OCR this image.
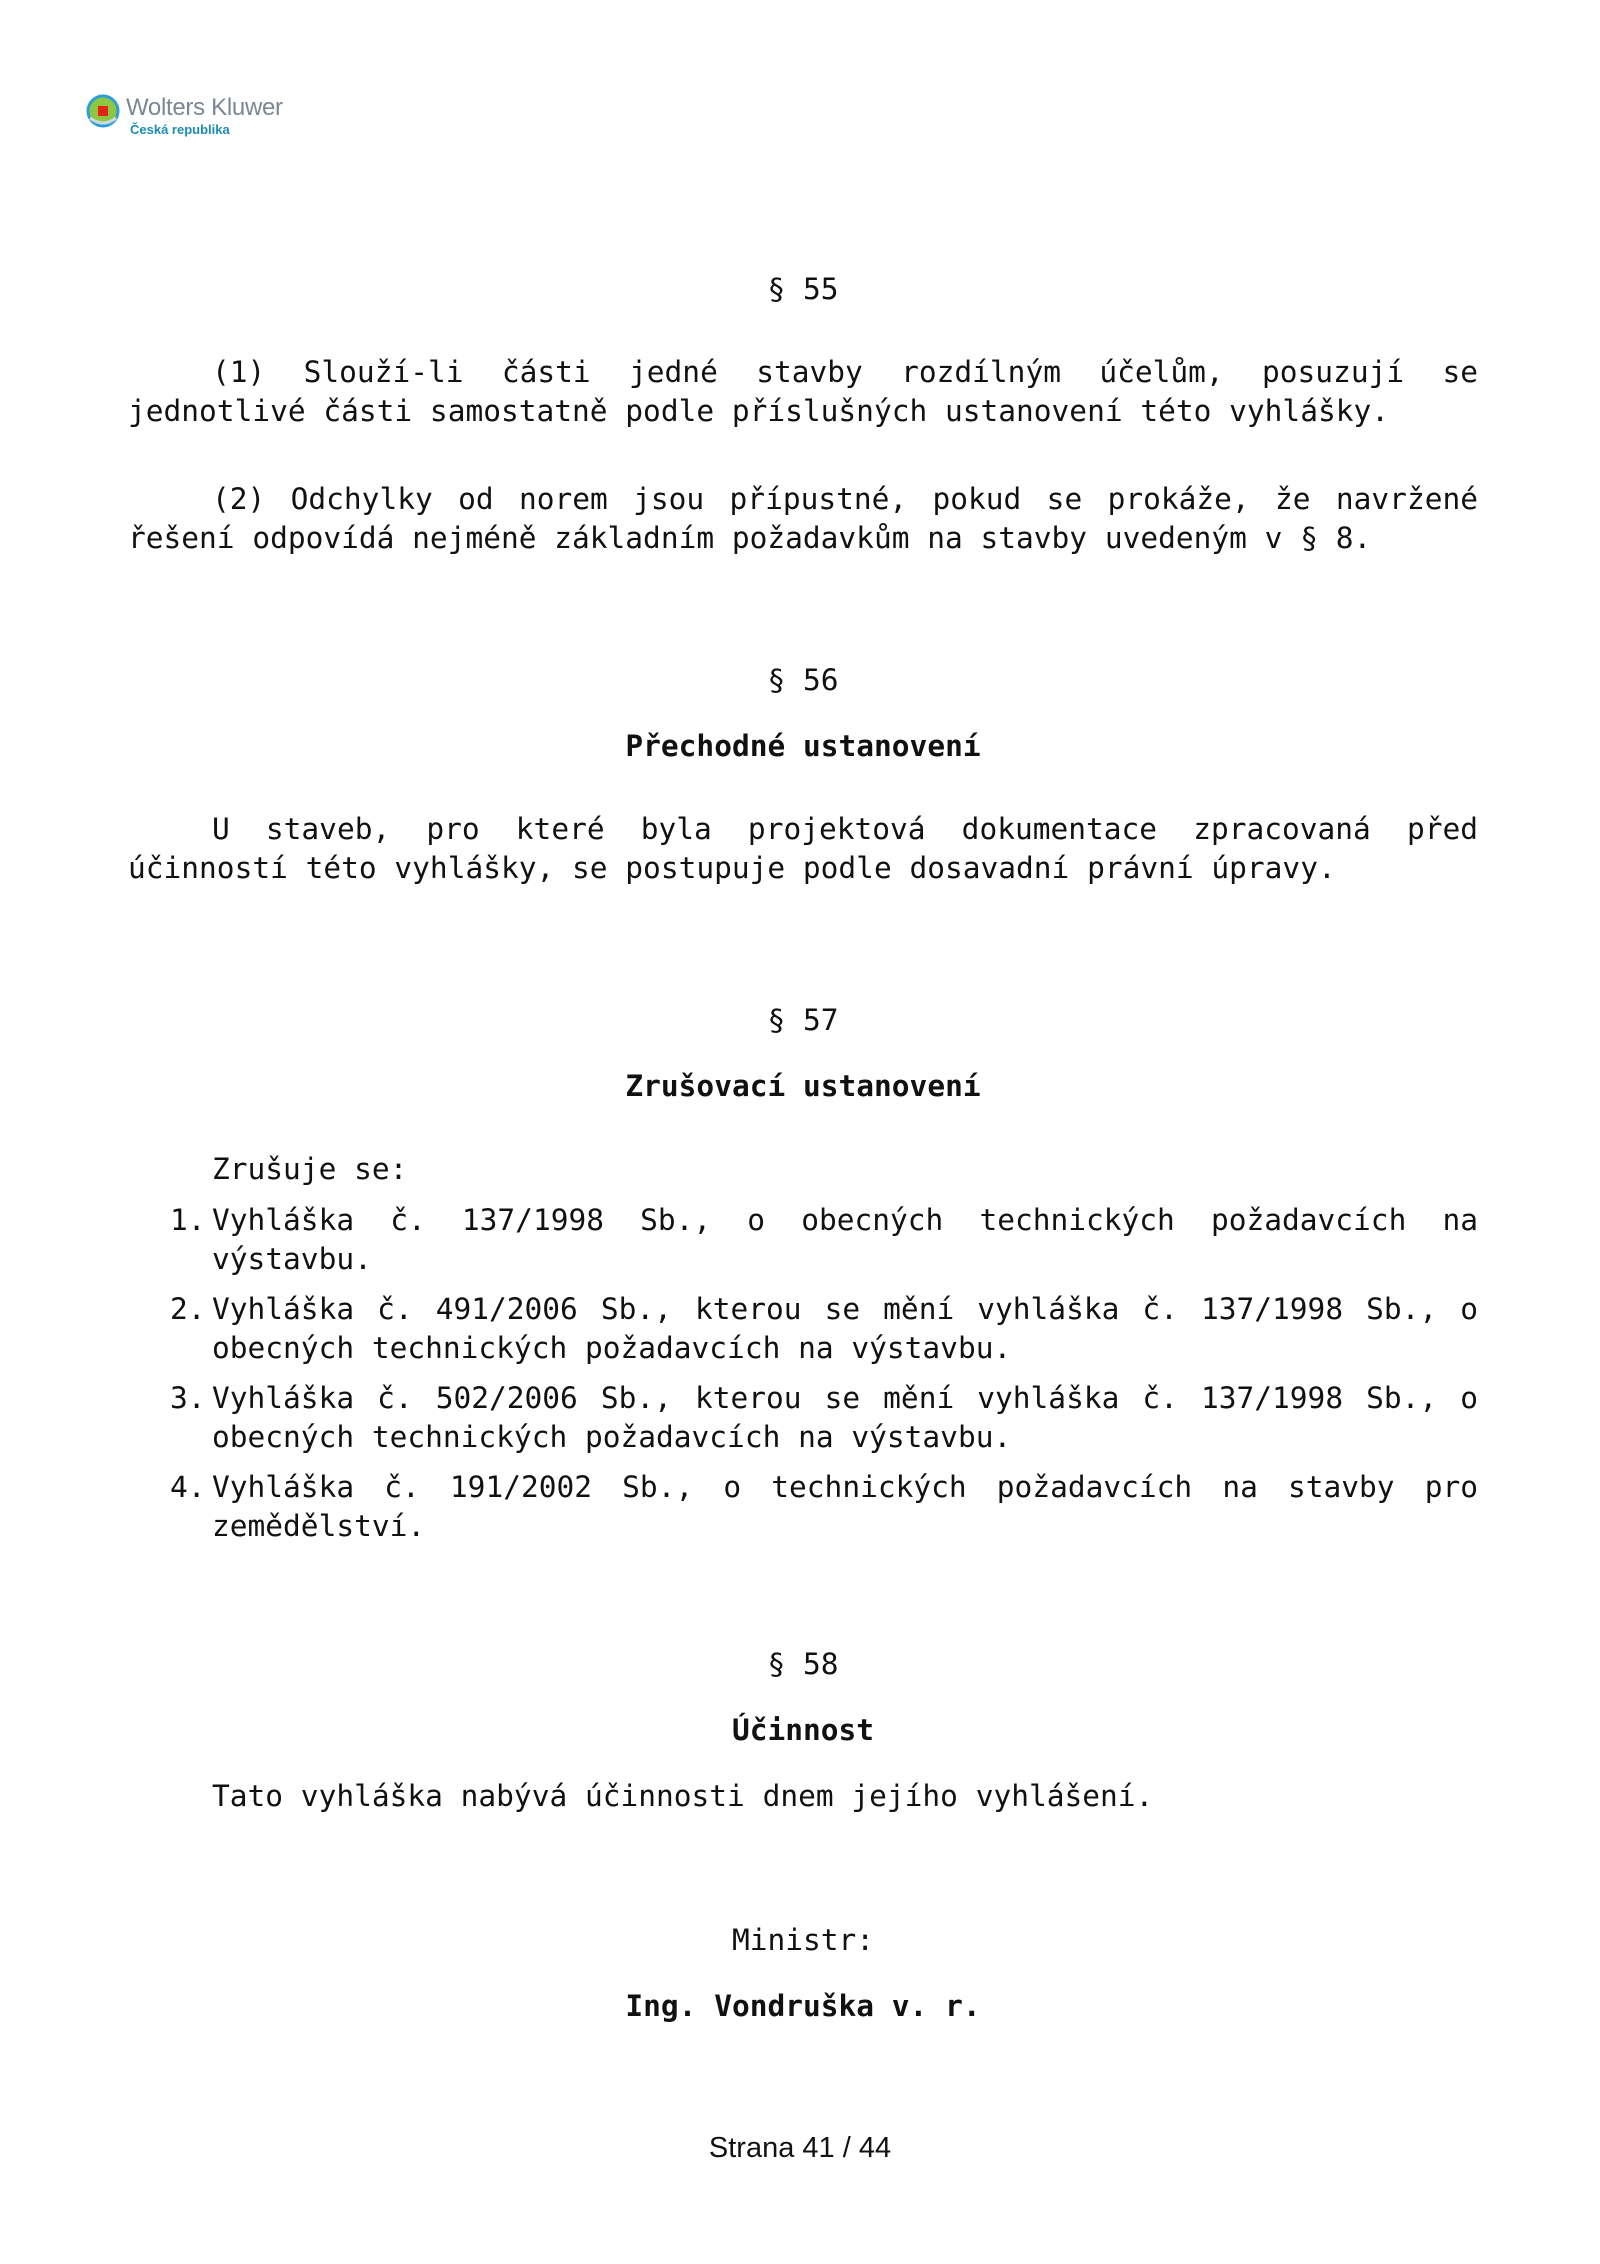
Wolters Kluwer
Česká republika

§ 55

(1) Slouží-li části jedné stavby rozdílným účelům, posuzují se jednotlivé části samostatně podle příslušných ustanovení této vyhlášky.

(2) Odchylky od norem jsou přípustné, pokud se prokáže, že navržené řešení odpovídá nejméně základním požadavkům na stavby uvedeným v § 8.

§ 56

Přechodné ustanovení

U staveb, pro které byla projektová dokumentace zpracovaná před účinností této vyhlášky, se postupuje podle dosavadní právní úpravy.

§ 57

Zrušovací ustanovení

Zrušuje se:

1. Vyhláška č. 137/1998 Sb., o obecných technických požadavcích na výstavbu.
2. Vyhláška č. 491/2006 Sb., kterou se mění vyhláška č. 137/1998 Sb., o obecných technických požadavcích na výstavbu.
3. Vyhláška č. 502/2006 Sb., kterou se mění vyhláška č. 137/1998 Sb., o obecných technických požadavcích na výstavbu.
4. Vyhláška č. 191/2002 Sb., o technických požadavcích na stavby pro zemědělství.

§ 58

Účinnost

Tato vyhláška nabývá účinnosti dnem jejího vyhlášení.

Ministr:

Ing. Vondruška v. r.

Strana 41 / 44
